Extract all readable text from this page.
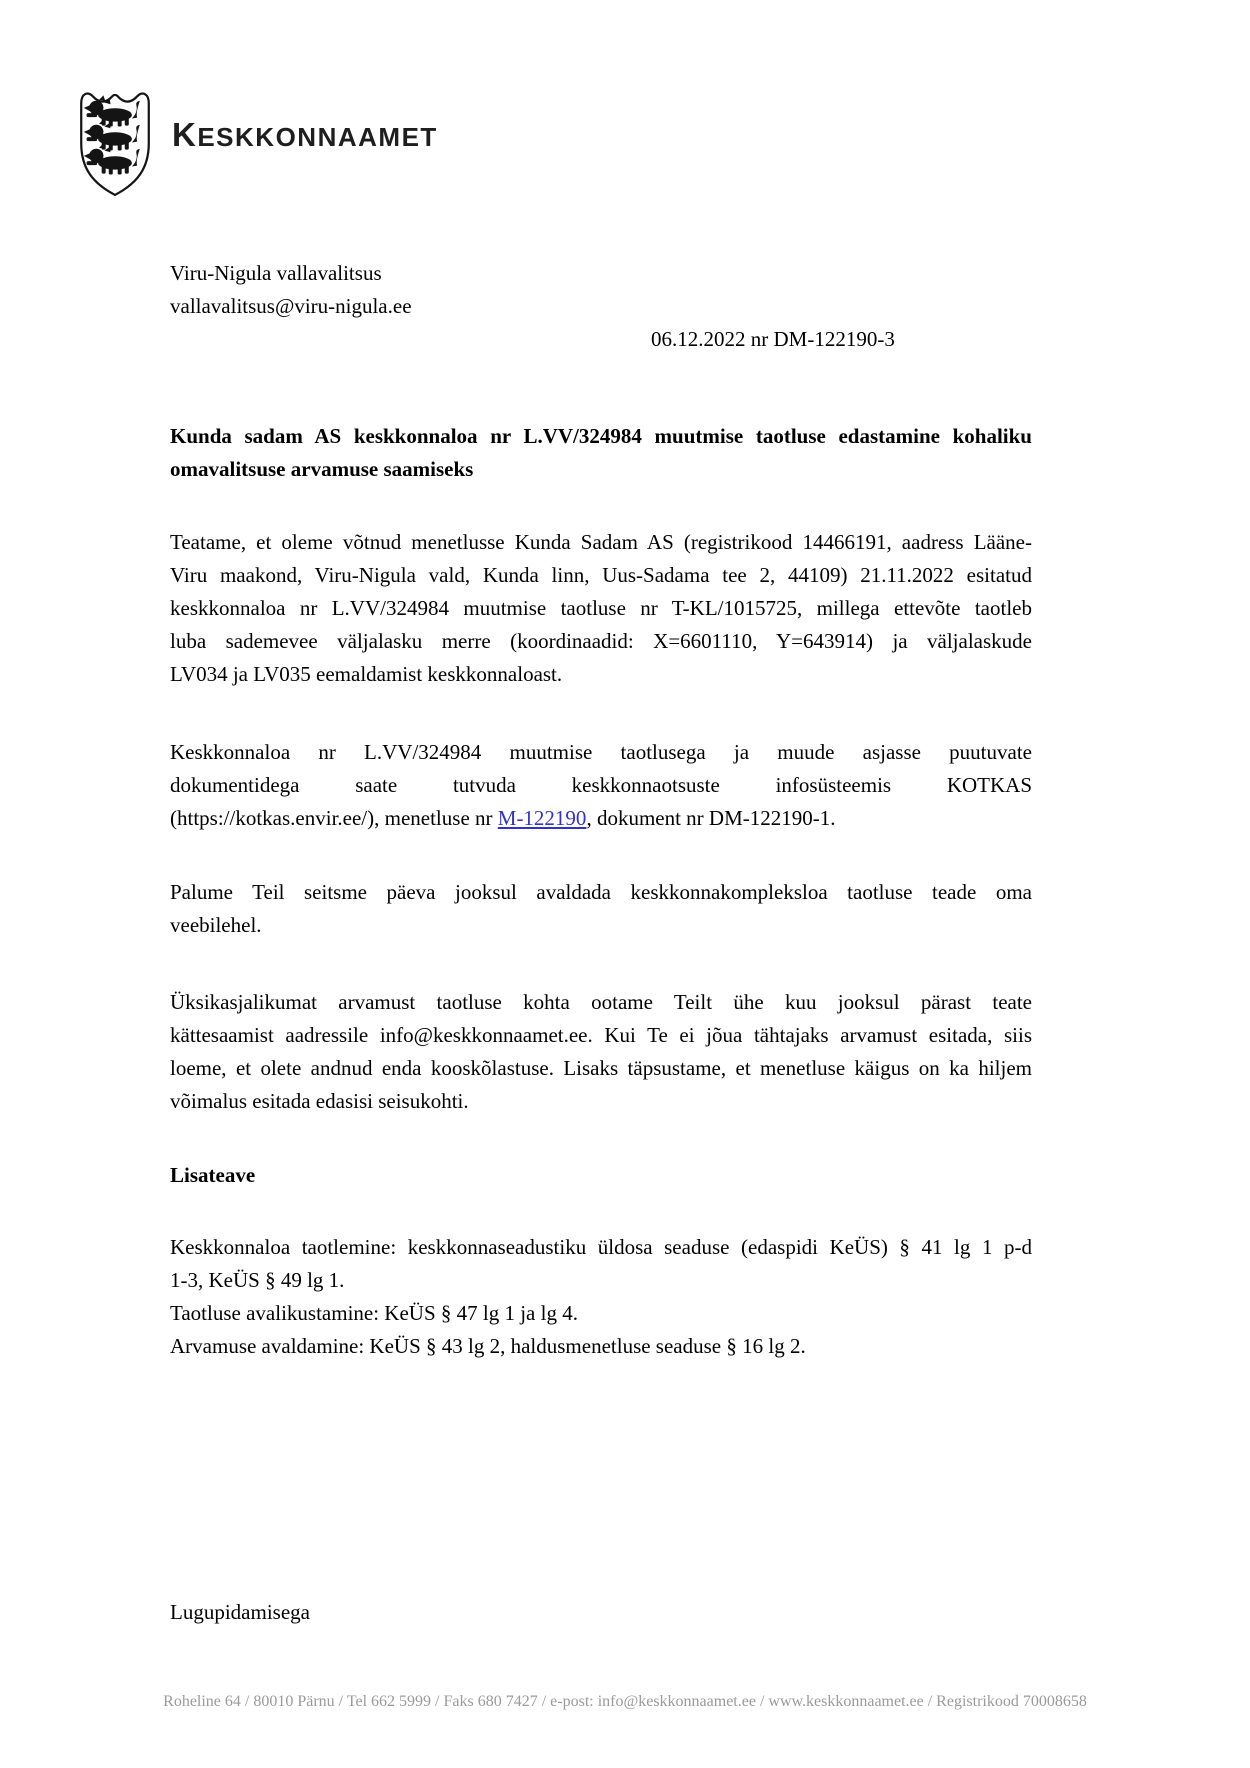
KESKKONNAAMET
Viru-Nigula vallavalitsus
vallavalitsus@viru-nigula.ee
06.12.2022 nr DM-122190-3
Kunda sadam AS keskkonnaloa nr L.VV/324984 muutmise taotluse edastamine kohaliku
omavalitsuse arvamuse saamiseks
Teatame, et oleme võtnud menetlusse Kunda Sadam AS (registrikood 14466191, aadress Lääne-
Viru maakond, Viru-Nigula vald, Kunda linn, Uus-Sadama tee 2, 44109) 21.11.2022 esitatud
keskkonnaloa nr L.VV/324984 muutmise taotluse nr T-KL/1015725, millega ettevõte taotleb
luba sademevee väljalasku merre (koordinaadid: X=6601110, Y=643914) ja väljalaskude
LV034 ja LV035 eemaldamist keskkonnaloast.
Keskkonnaloa nr L.VV/324984 muutmise taotlusega ja muude asjasse puutuvate
dokumentidega saate tutvuda keskkonnaotsuste infosüsteemis KOTKAS
(https://kotkas.envir.ee/), menetluse nr M-122190, dokument nr DM-122190-1.
Palume Teil seitsme päeva jooksul avaldada keskkonnakompleksloa taotluse teade oma
veebilehel.
Üksikasjalikumat arvamust taotluse kohta ootame Teilt ühe kuu jooksul pärast teate
kättesaamist aadressile info@keskkonnaamet.ee. Kui Te ei jõua tähtajaks arvamust esitada, siis
loeme, et olete andnud enda kooskõlastuse. Lisaks täpsustame, et menetluse käigus on ka hiljem
võimalus esitada edasisi seisukohti.
Lisateave
Keskkonnaloa taotlemine: keskkonnaseadustiku üldosa seaduse (edaspidi KeÜS) § 41 lg 1 p-d
1-3, KeÜS § 49 lg 1.
Taotluse avalikustamine: KeÜS § 47 lg 1 ja lg 4.
Arvamuse avaldamine: KeÜS § 43 lg 2, haldusmenetluse seaduse § 16 lg 2.
Lugupidamisega
Roheline 64 / 80010 Pärnu / Tel 662 5999 / Faks 680 7427 / e-post: info@keskkonnaamet.ee / www.keskkonnaamet.ee / Registrikood 70008658
